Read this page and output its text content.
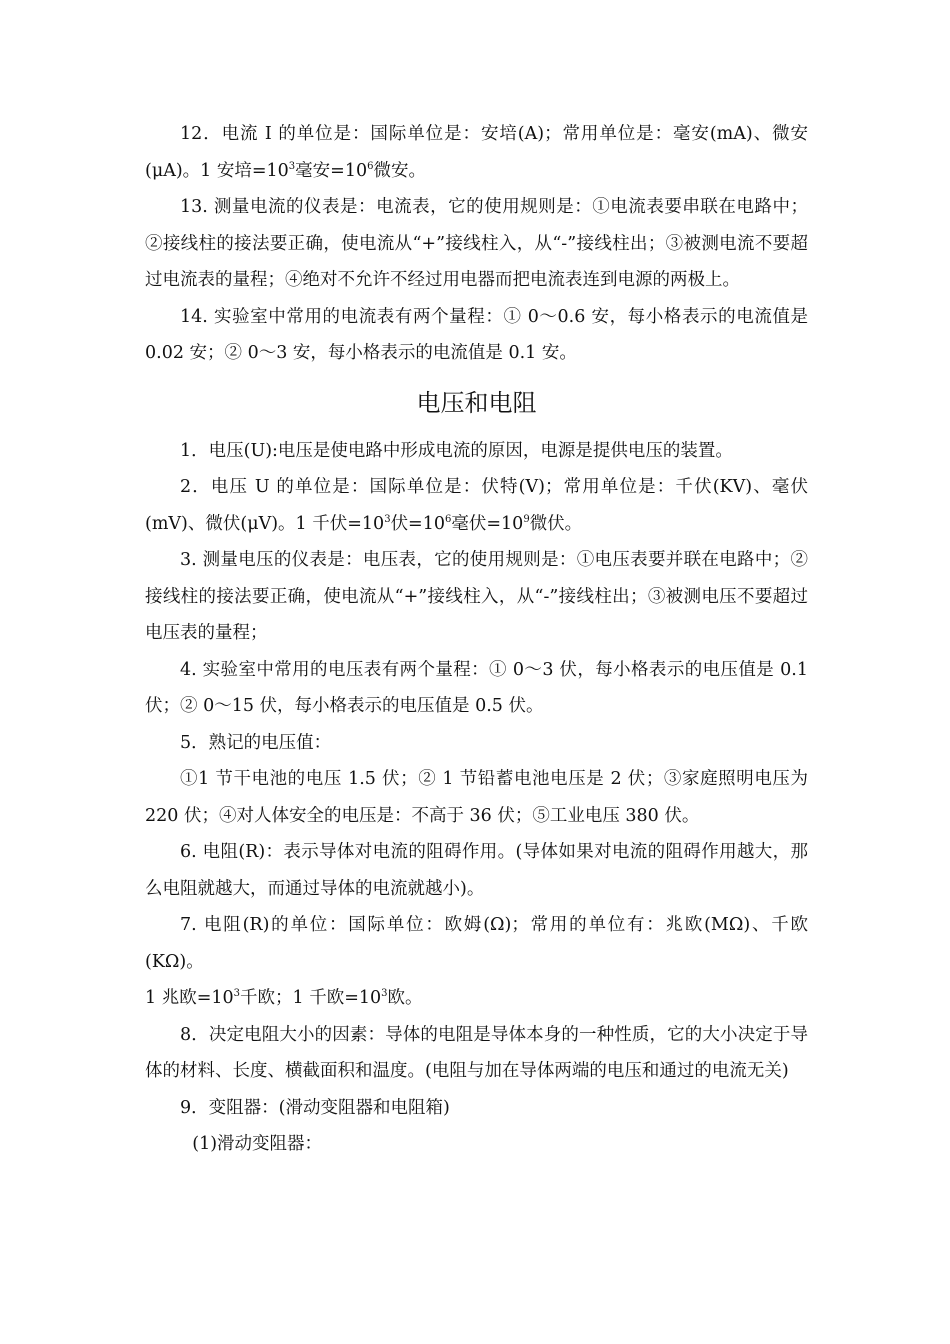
12．电流 I 的单位是：国际单位是：安培(A)；常用单位是：毫安(mA)、微安(μA)。1 安培$=10^3$毫安$=10^6$微安。

13. 测量电流的仪表是：电流表，它的使用规则是：①电流表要串联在电路中；②接线柱的接法要正确，使电流从“+”接线柱入，从“-”接线柱出；③被测电流不要超过电流表的量程；④绝对不允许不经过用电器而把电流表连到电源的两极上。

14. 实验室中常用的电流表有两个量程：① 0～0.6 安，每小格表示的电流值是 0.02 安；② 0～3 安，每小格表示的电流值是 0.1 安。

电压和电阻

1．电压(U):电压是使电路中形成电流的原因，电源是提供电压的装置。

2．电压 U 的单位是：国际单位是：伏特(V)；常用单位是：千伏(KV)、毫伏(mV)、微伏(μV)。1 千伏$=10^3$伏$=10^6$毫伏$=10^9$微伏。

3. 测量电压的仪表是：电压表，它的使用规则是：①电压表要并联在电路中；②接线柱的接法要正确，使电流从“+”接线柱入，从“-”接线柱出；③被测电压不要超过电压表的量程；

4. 实验室中常用的电压表有两个量程：① 0～3 伏，每小格表示的电压值是 0.1 伏；② 0～15 伏，每小格表示的电压值是 0.5 伏。

5．熟记的电压值：

①1 节干电池的电压 1.5 伏；② 1 节铅蓄电池电压是 2 伏；③家庭照明电压为 220 伏；④对人体安全的电压是：不高于 36 伏；⑤工业电压 380 伏。

6. 电阻(R)：表示导体对电流的阻碍作用。(导体如果对电流的阻碍作用越大，那么电阻就越大，而通过导体的电流就越小)。

7. 电阻(R)的单位：国际单位：欧姆(Ω)；常用的单位有：兆欧(MΩ)、千欧(KΩ)。
1 兆欧$=10^3$千欧；1 千欧$=10^3$欧。

8．决定电阻大小的因素：导体的电阻是导体本身的一种性质，它的大小决定于导体的材料、长度、横截面积和温度。(电阻与加在导体两端的电压和通过的电流无关)

9．变阻器：(滑动变阻器和电阻箱)

(1)滑动变阻器：
